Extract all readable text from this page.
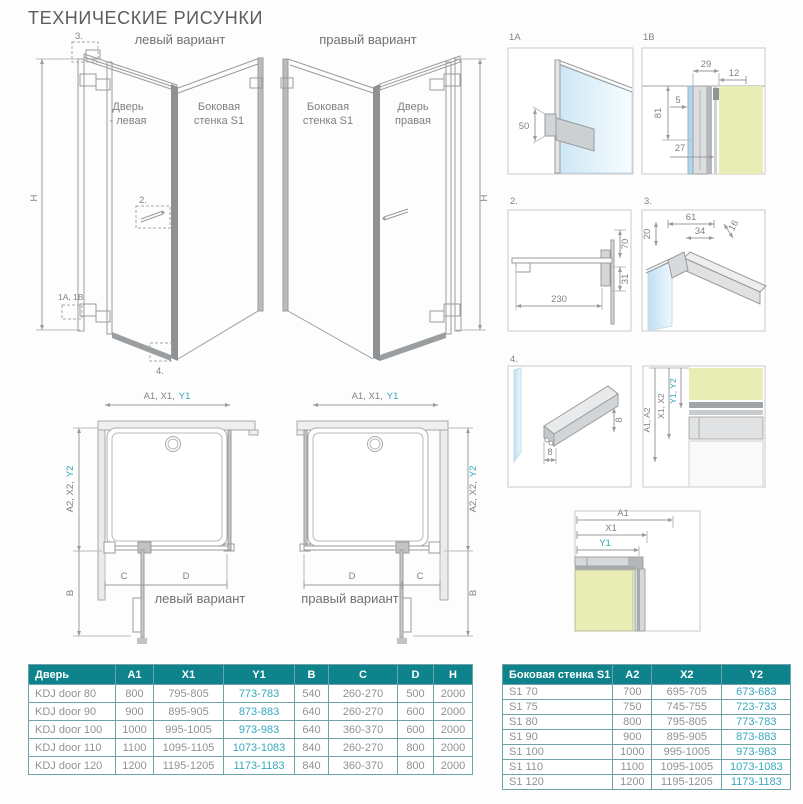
ТЕХНИЧЕСКИЕ РИСУНКИ
левый вариант
H
3.
2.
1A, 1B
4.
Дверь
- левая
Боковая
стенка S1
правый вариант
H
Боковая
стенка S1
Дверь
правая
A1, X1, Y1
A2, X2,Y2
B
C	D
левый вариант
A1, X1, Y1
A2, X2,Y2
B
D	C
правый вариант
1A
50
1B
29
12
5
81
27
2.
70
31
230
3.
61
34 16
20
4.
8
8 A1, A2
X1, X2
Y1, Y2
A1
X1
Y1
Дверь	A1	X1	Y1	B	C	D	H
KDJ door 80	800	795-805	773-783	540	260-270	500	2000
KDJ door 90	900	895-905	873-883	640	260-270	600	2000
KDJ door 100	1000	995-1005	973-983	640	360-370	600	2000
KDJ door 110	1100	1095-1105	1073-1083	840	260-270	800	2000
KDJ door 120	1200	1195-1205	1173-1183	840	360-370	800	2000
Боковая стенка S1	A2	X2	Y2
S1 70	700	695-705	673-683
S1 75	750	745-755	723-733
S1 80	800	795-805	773-783
S1 90	900	895-905	873-883
S1 100	1000	995-1005	973-983
S1 110	1100	1095-1005	1073-1083
S1 120	1200	1195-1205	1173-1183
